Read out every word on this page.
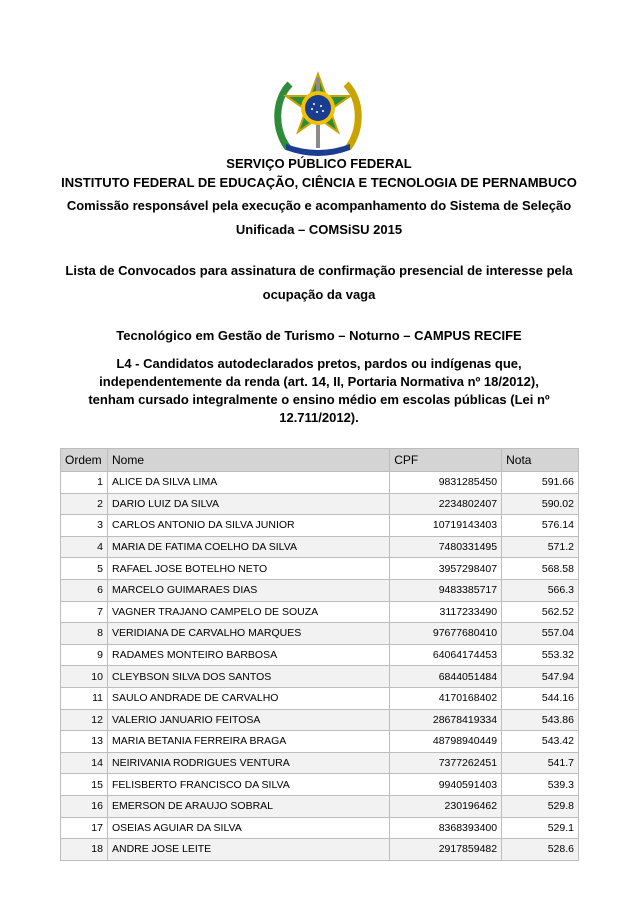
SERVIÇO PÚBLICO FEDERAL
INSTITUTO FEDERAL DE EDUCAÇÃO, CIÊNCIA E TECNOLOGIA DE PERNAMBUCO
Comissão responsável pela execução e acompanhamento do Sistema de Seleção
Unificada – COMSiSU 2015
Lista de Convocados para assinatura de confirmação presencial de interesse pela
ocupação da vaga
Tecnológico em Gestão de Turismo – Noturno – CAMPUS RECIFE
L4 - Candidatos autodeclarados pretos, pardos ou indígenas que, independentemente da renda (art. 14, II, Portaria Normativa nº 18/2012), tenham cursado integralmente o ensino médio em escolas públicas (Lei nº 12.711/2012).
Ordem	Nome	CPF	Nota
1	ALICE DA SILVA LIMA	9831285450	591.66
2	DARIO LUIZ DA SILVA	2234802407	590.02
3	CARLOS ANTONIO DA SILVA JUNIOR	10719143403	576.14
4	MARIA DE FATIMA COELHO DA SILVA	7480331495	571.2
5	RAFAEL JOSE BOTELHO NETO	3957298407	568.58
6	MARCELO GUIMARAES DIAS	9483385717	566.3
7	VAGNER TRAJANO CAMPELO DE SOUZA	3117233490	562.52
8	VERIDIANA DE CARVALHO MARQUES	97677680410	557.04
9	RADAMES MONTEIRO BARBOSA	64064174453	553.32
10	CLEYBSON SILVA DOS SANTOS	6844051484	547.94
11	SAULO ANDRADE DE CARVALHO	4170168402	544.16
12	VALERIO JANUARIO FEITOSA	28678419334	543.86
13	MARIA BETANIA FERREIRA BRAGA	48798940449	543.42
14	NEIRIVANIA RODRIGUES VENTURA	7377262451	541.7
15	FELISBERTO FRANCISCO DA SILVA	9940591403	539.3
16	EMERSON DE ARAUJO SOBRAL	230196462	529.8
17	OSEIAS AGUIAR DA SILVA	8368393400	529.1
18	ANDRE JOSE LEITE	2917859482	528.6
